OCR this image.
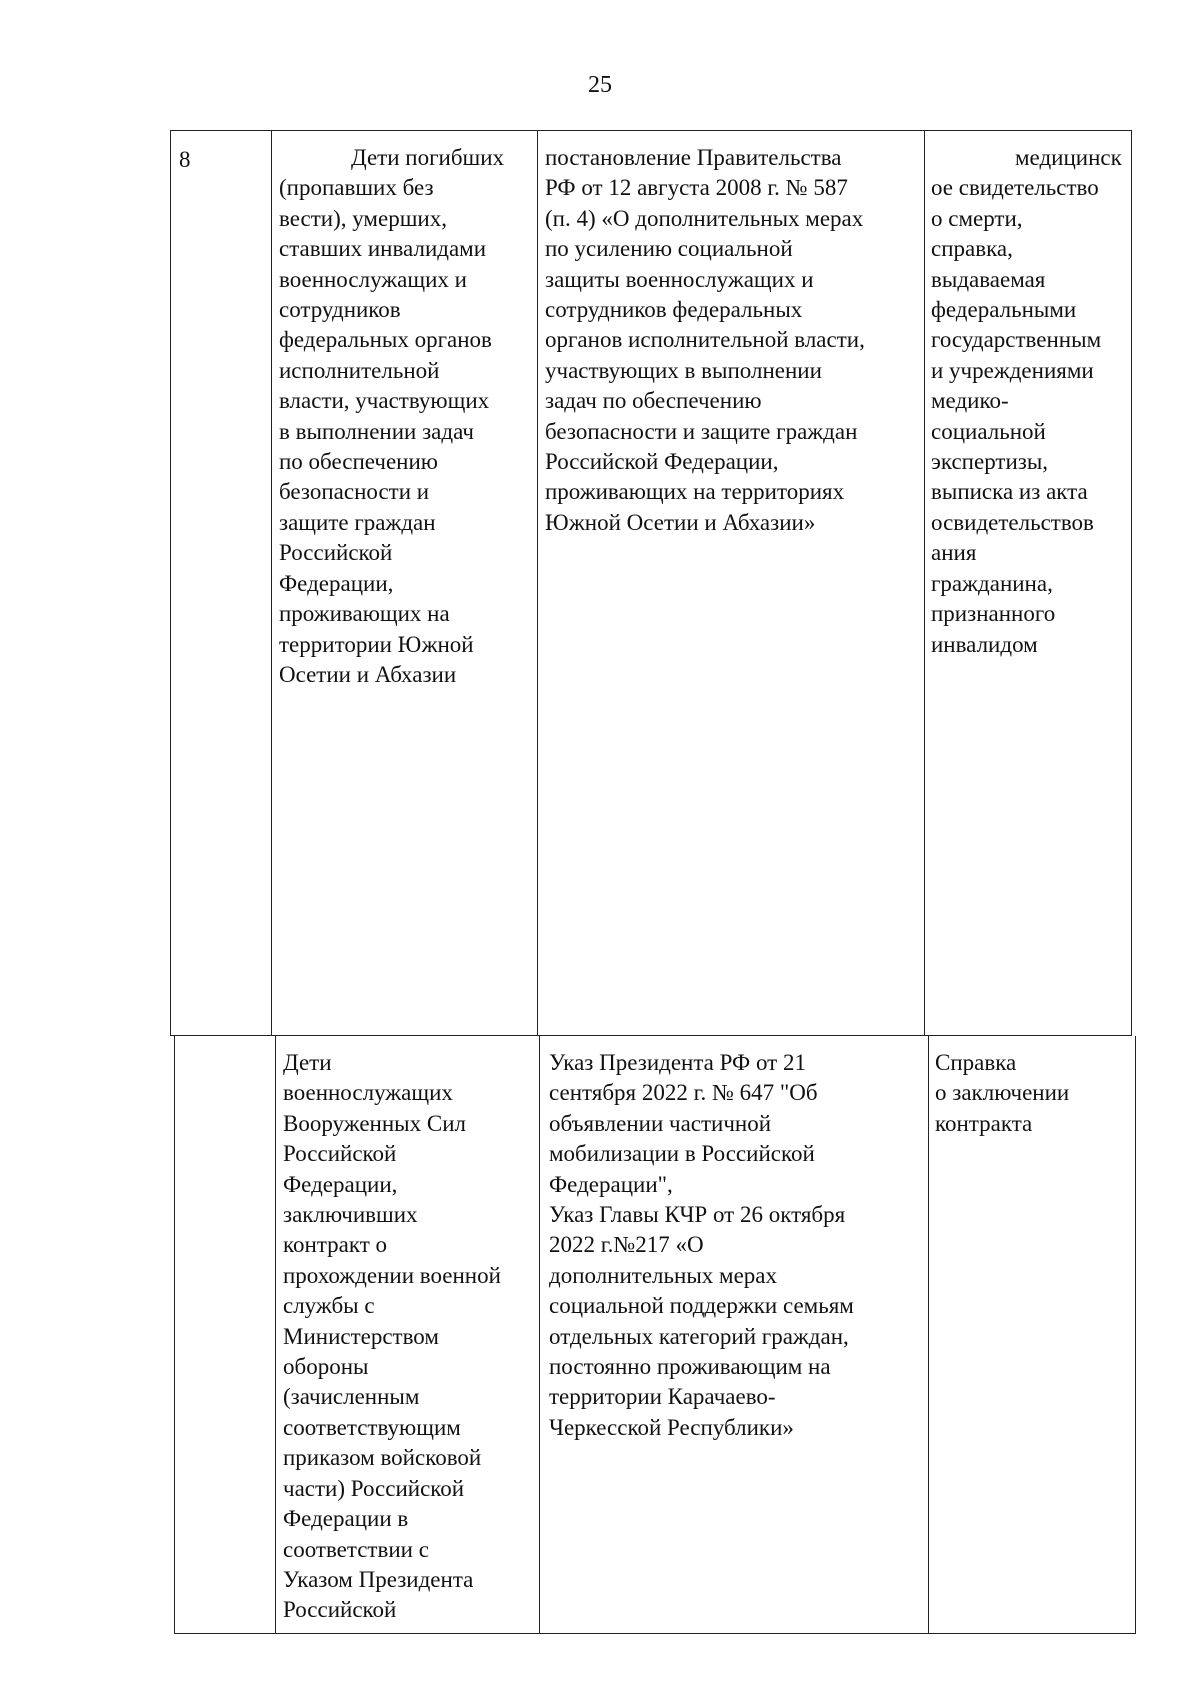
25
8	Дети погибших
(пропавших без
вести), умерших,
ставших инвалидами
военнослужащих и
сотрудников
федеральных органов
исполнительной
власти, участвующих
в выполнении задач
по обеспечению
безопасности и
защите граждан
Российской
Федерации,
проживающих на
территории Южной
Осетии и Абхазии
постановление Правительства
РФ от 12 августа 2008 г. № 587
(п. 4) «О дополнительных мерах
по усилению социальной
защиты военнослужащих и
сотрудников федеральных
органов исполнительной власти,
участвующих в выполнении
задач по обеспечению
безопасности и защите граждан
Российской Федерации,
проживающих на территориях
Южной Осетии и Абхазии»
медицинск
ое свидетельство
о смерти,
справка,
выдаваемая
федеральными
государственным
и учреждениями
медико-
социальной
экспертизы,
выписка из акта
освидетельствов
ания
гражданина,
признанного
инвалидом
Дети
военнослужащих
Вооруженных Сил
Российской
Федерации,
заключивших
контракт о
прохождении военной
службы с
Министерством
обороны
(зачисленным
соответствующим
приказом войсковой
части) Российской
Федерации в
соответствии с
Указом Президента
Российской
Указ Президента РФ от 21
сентября 2022 г. № 647 "Об
объявлении частичной
мобилизации в Российской
Федерации",
Указ Главы КЧР от 26 октября
2022 г.№217 «О
дополнительных мерах
социальной поддержки семьям
отдельных категорий граждан,
постоянно проживающим на
территории Карачаево-
Черкесской Республики»
Справка
о заключении
контракта
